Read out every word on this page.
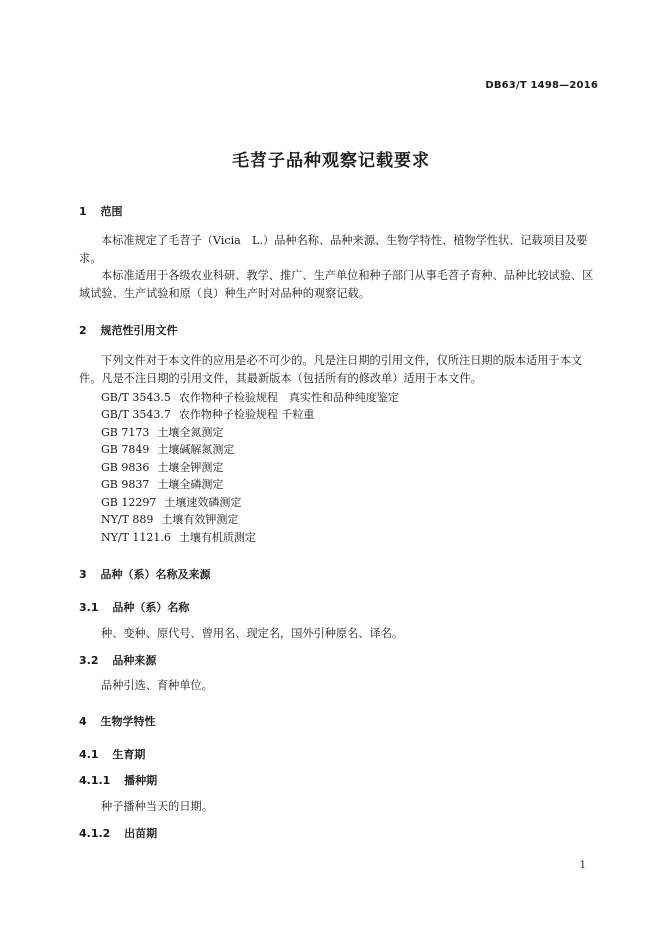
DB63/T 1498—2016
毛苕子品种观察记载要求
1 范围

本标准规定了毛苕子（Vicia　L.）品种名称、品种来源、生物学特性、植物学性状、记载项目及要求。

本标准适用于各级农业科研、教学、推广、生产单位和种子部门从事毛苕子育种、品种比较试验、区域试验、生产试验和原（良）种生产时对品种的观察记载。

2 规范性引用文件

下列文件对于本文件的应用是必不可少的。凡是注日期的引用文件，仅所注日期的版本适用于本文件。凡是不注日期的引用文件，其最新版本（包括所有的修改单）适用于本文件。

GB/T 3543.5 农作物种子检验规程　真实性和品种纯度鉴定
GB/T 3543.7 农作物种子检验规程 千粒重
GB 7173 土壤全氮测定
GB 7849 土壤碱解氮测定
GB 9836 土壤全钾测定
GB 9837 土壤全磷测定
GB 12297 土壤速效磷测定
NY/T 889 土壤有效钾测定
NY/T 1121.6 土壤有机质测定
3 品种（系）名称及来源
3.1 品种（系）名称
种、变种、原代号、曾用名、现定名，国外引种原名、译名。
3.2 品种来源
品种引选、育种单位。
4 生物学特性
4.1 生育期
4.1.1 播种期
种子播种当天的日期。
4.1.2 出苗期
1
